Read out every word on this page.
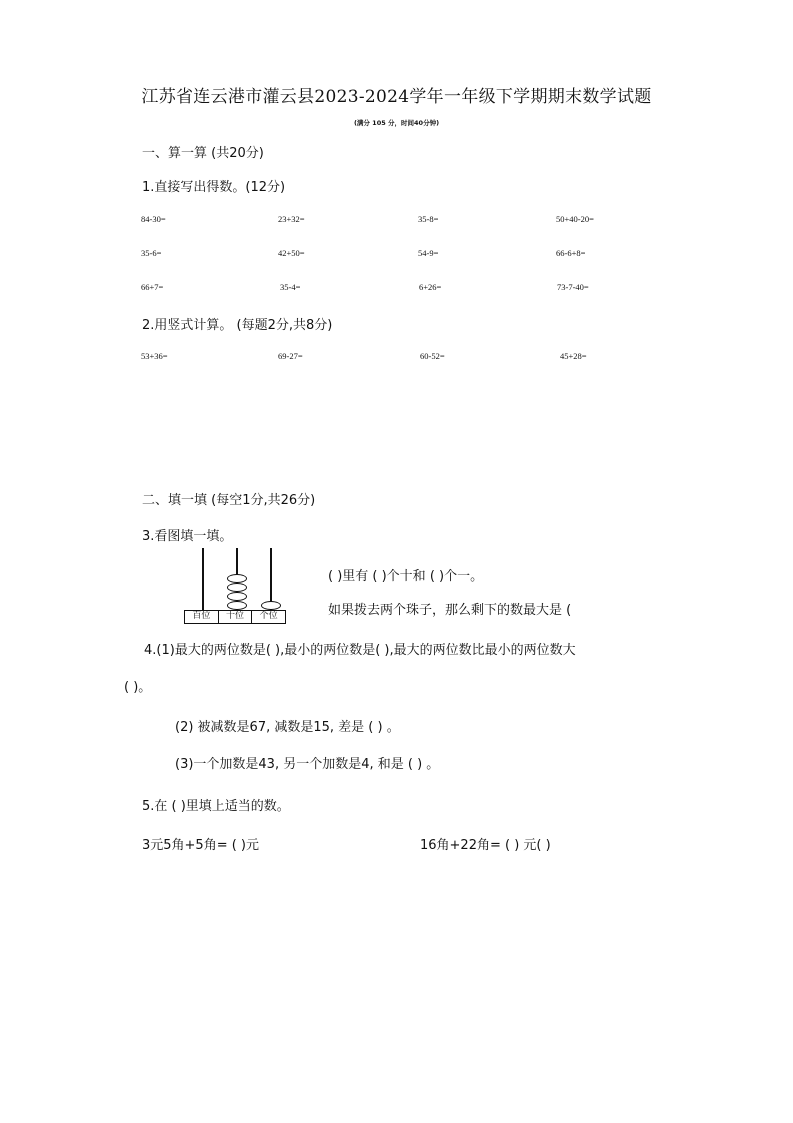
江苏省连云港市灌云县2023-2024学年一年级下学期期末数学试题
(满分 105 分，时间40分钟)
一、算一算 (共20分)
1.直接写出得数。(12分)
84-30=	23+32=	35-8=	50+40-20=
35-6=	42+50=	54-9=	66-6+8=
66+7=	35-4=	6+26=	73-7-40=
2.用竖式计算。 (每题2分,共8分)
53+36=	69-27=	60-52=	45+28=
二、填一填 (每空1分,共26分)
3.看图填一填。
百位	十位	个位
( )里有 ( )个十和 ( )个一。
如果拨去两个珠子，那么剩下的数最大是 (
4.(1)最大的两位数是( ),最小的两位数是( ),最大的两位数比最小的两位数大
( )。
(2) 被减数是67, 减数是15, 差是 ( ) 。
(3)一个加数是43, 另一个加数是4, 和是 ( ) 。
5.在 ( )里填上适当的数。
3元5角+5角= ( )元	16角+22角= ( ) 元( )
